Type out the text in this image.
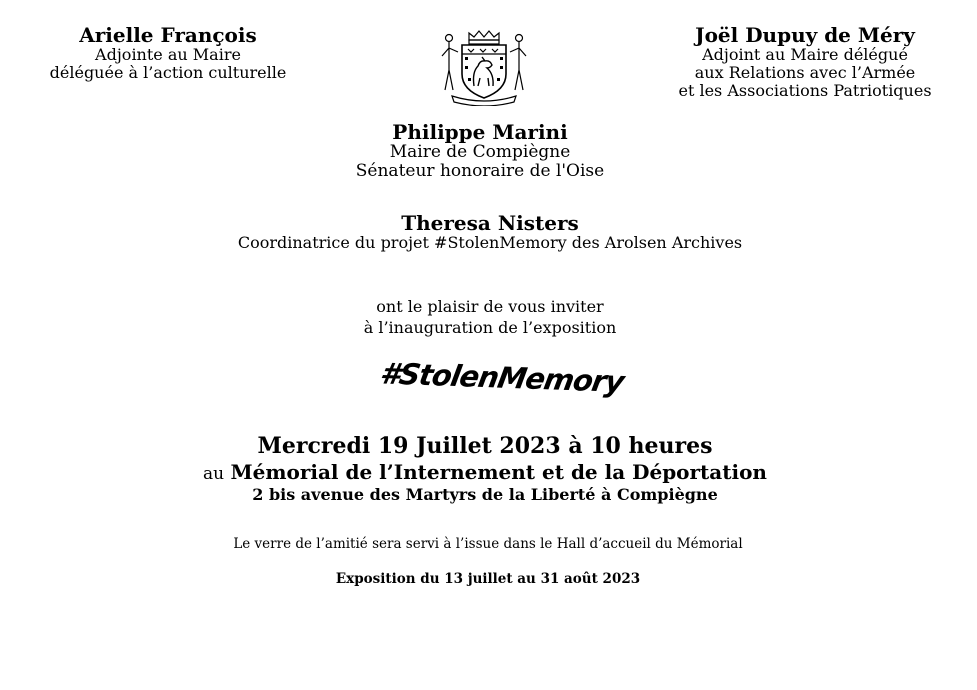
Arielle François
Adjointe au Maire
déléguée à l’action culturelle
Joël Dupuy de Méry
Adjoint au Maire délégué
aux Relations avec l’Armée
et les Associations Patriotiques
Philippe Marini
Maire de Compiègne
Sénateur honoraire de l'Oise
Theresa Nisters
Coordinatrice du projet #StolenMemory des Arolsen Archives
ont le plaisir de vous inviter
à l’inauguration de l’exposition
#StolenMemory
Mercredi 19 Juillet 2023 à 10 heures
au Mémorial de l’Internement et de la Déportation
2 bis avenue des Martyrs de la Liberté à Compiègne
Le verre de l’amitié sera servi à l’issue dans le Hall d’accueil du Mémorial
Exposition du 13 juillet au 31 août 2023
